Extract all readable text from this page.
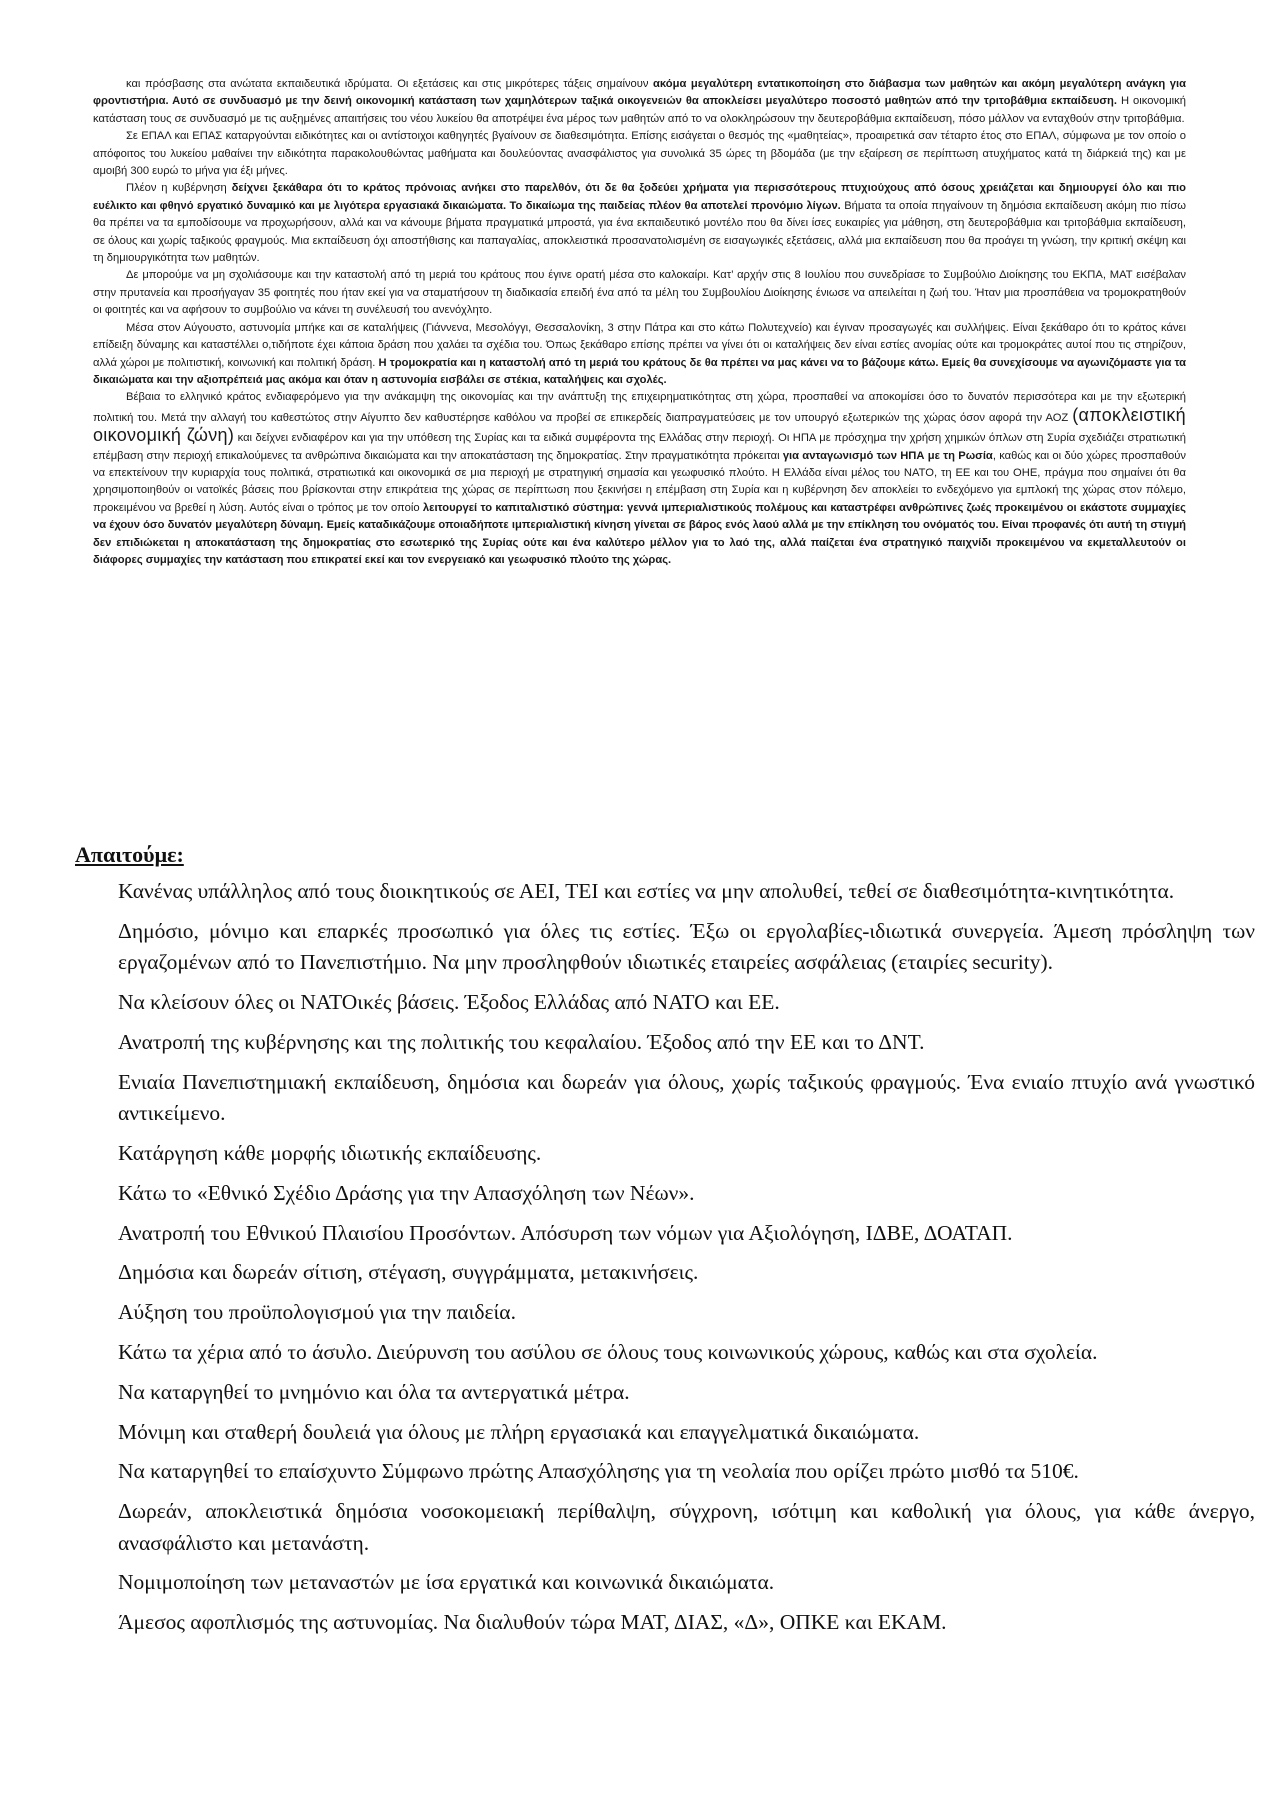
και πρόσβασης στα ανώτατα εκπαιδευτικά ιδρύματα. Οι εξετάσεις και στις μικρότερες τάξεις σημαίνουν ακόμα μεγαλύτερη εντατικοποίηση στο διάβασμα των μαθητών και ακόμη μεγαλύτερη ανάγκη για φροντιστήρια. Αυτό σε συνδυασμό με την δεινή οικονομική κατάσταση των χαμηλότερων ταξικά οικογενειών θα αποκλείσει μεγαλύτερο ποσοστό μαθητών από την τριτοβάθμια εκπαίδευση. Η οικονομική κατάσταση τους σε συνδυασμό με τις αυξημένες απαιτήσεις του νέου λυκείου θα αποτρέψει ένα μέρος των μαθητών από το να ολοκληρώσουν την δευτεροβάθμια εκπαίδευση, πόσο μάλλον να ενταχθούν στην τριτοβάθμια.

Σε ΕΠΑΛ και ΕΠΑΣ καταργούνται ειδικότητες και οι αντίστοιχοι καθηγητές βγαίνουν σε διαθεσιμότητα. Επίσης εισάγεται ο θεσμός της «μαθητείας», προαιρετικά σαν τέταρτο έτος στο ΕΠΑΛ, σύμφωνα με τον οποίο ο απόφοιτος του λυκείου μαθαίνει την ειδικότητα παρακολουθώντας μαθήματα και δουλεύοντας ανασφάλιστος για συνολικά 35 ώρες τη βδομάδα (με την εξαίρεση σε περίπτωση ατυχήματος κατά τη διάρκειά της) και με αμοιβή 300 ευρώ το μήνα για έξι μήνες.

Πλέον η κυβέρνηση δείχνει ξεκάθαρα ότι το κράτος πρόνοιας ανήκει στο παρελθόν, ότι δε θα ξοδεύει χρήματα για περισσότερους πτυχιούχους από όσους χρειάζεται και δημιουργεί όλο και πιο ευέλικτο και φθηνό εργατικό δυναμικό και με λιγότερα εργασιακά δικαιώματα. Το δικαίωμα της παιδείας πλέον θα αποτελεί προνόμιο λίγων. Βήματα τα οποία πηγαίνουν τη δημόσια εκπαίδευση ακόμη πιο πίσω θα πρέπει να τα εμποδίσουμε να προχωρήσουν, αλλά και να κάνουμε βήματα πραγματικά μπροστά, για ένα εκπαιδευτικό μοντέλο που θα δίνει ίσες ευκαιρίες για μάθηση, στη δευτεροβάθμια και τριτοβάθμια εκπαίδευση, σε όλους και χωρίς ταξικούς φραγμούς. Μια εκπαίδευση όχι αποστήθισης και παπαγαλίας, αποκλειστικά προσανατολισμένη σε εισαγωγικές εξετάσεις, αλλά μια εκπαίδευση που θα προάγει τη γνώση, την κριτική σκέψη και τη δημιουργικότητα των μαθητών.

Δε μπορούμε να μη σχολιάσουμε και την καταστολή από τη μεριά του κράτους που έγινε ορατή μέσα στο καλοκαίρι. Κατ’ αρχήν στις 8 Ιουλίου που συνεδρίασε το Συμβούλιο Διοίκησης του ΕΚΠΑ, ΜΑΤ εισέβαλαν στην πρυτανεία και προσήγαγαν 35 φοιτητές που ήταν εκεί για να σταματήσουν τη διαδικασία επειδή ένα από τα μέλη του Συμβουλίου Διοίκησης ένιωσε να απειλείται η ζωή του. Ήταν μια προσπάθεια να τρομοκρατηθούν οι φοιτητές και να αφήσουν το συμβούλιο να κάνει τη συνέλευσή του ανενόχλητο.

Μέσα στον Αύγουστο, αστυνομία μπήκε και σε καταλήψεις (Γιάννενα, Μεσολόγγι, Θεσσαλονίκη, 3 στην Πάτρα και στο κάτω Πολυτεχνείο) και έγιναν προσαγωγές και συλλήψεις. Είναι ξεκάθαρο ότι το κράτος κάνει επίδειξη δύναμης και καταστέλλει ο,τιδήποτε έχει κάποια δράση που χαλάει τα σχέδια του. Όπως ξεκάθαρο επίσης πρέπει να γίνει ότι οι καταλήψεις δεν είναι εστίες ανομίας ούτε και τρομοκράτες αυτοί που τις στηρίζουν, αλλά χώροι με πολιτιστική, κοινωνική και πολιτική δράση. Η τρομοκρατία και η καταστολή από τη μεριά του κράτους δε θα πρέπει να μας κάνει να το βάζουμε κάτω. Εμείς θα συνεχίσουμε να αγωνιζόμαστε για τα δικαιώματα και την αξιοπρέπειά μας ακόμα και όταν η αστυνομία εισβάλει σε στέκια, καταλήψεις και σχολές.

Βέβαια το ελληνικό κράτος ενδιαφερόμενο για την ανάκαμψη της οικονομίας και την ανάπτυξη της επιχειρηματικότητας στη χώρα, προσπαθεί να αποκομίσει όσο το δυνατόν περισσότερα και με την εξωτερική πολιτική του. Μετά την αλλαγή του καθεστώτος στην Αίγυπτο δεν καθυστέρησε καθόλου να προβεί σε επικερδείς διαπραγματεύσεις με τον υπουργό εξωτερικών της χώρας όσον αφορά την ΑΟΖ (αποκλειστική οικονομική ζώνη) και δείχνει ενδιαφέρον και για την υπόθεση της Συρίας και τα ειδικά συμφέροντα της Ελλάδας στην περιοχή. Οι ΗΠΑ με πρόσχημα την χρήση χημικών όπλων στη Συρία σχεδιάζει στρατιωτική επέμβαση στην περιοχή επικαλούμενες τα ανθρώπινα δικαιώματα και την αποκατάσταση της δημοκρατίας. Στην πραγματικότητα πρόκειται για ανταγωνισμό των ΗΠΑ με τη Ρωσία, καθώς και οι δύο χώρες προσπαθούν να επεκτείνουν την κυριαρχία τους πολιτικά, στρατιωτικά και οικονομικά σε μια περιοχή με στρατηγική σημασία και γεωφυσικό πλούτο. Η Ελλάδα είναι μέλος του ΝΑΤΟ, τη ΕΕ και του ΟΗΕ, πράγμα που σημαίνει ότι θα χρησιμοποιηθούν οι νατοϊκές βάσεις που βρίσκονται στην επικράτεια της χώρας σε περίπτωση που ξεκινήσει η επέμβαση στη Συρία και η κυβέρνηση δεν αποκλείει το ενδεχόμενο για εμπλοκή της χώρας στον πόλεμο, προκειμένου να βρεθεί η λύση. Αυτός είναι ο τρόπος με τον οποίο λειτουργεί το καπιταλιστικό σύστημα: γεννά ιμπεριαλιστικούς πολέμους και καταστρέφει ανθρώπινες ζωές προκειμένου οι εκάστοτε συμμαχίες να έχουν όσο δυνατόν μεγαλύτερη δύναμη. Εμείς καταδικάζουμε οποιαδήποτε ιμπεριαλιστική κίνηση γίνεται σε βάρος ενός λαού αλλά με την επίκληση του ονόματός του. Είναι προφανές ότι αυτή τη στιγμή δεν επιδιώκεται η αποκατάσταση της δημοκρατίας στο εσωτερικό της Συρίας ούτε και ένα καλύτερο μέλλον για το λαό της, αλλά παίζεται ένα στρατηγικό παιχνίδι προκειμένου να εκμεταλλευτούν οι διάφορες συμμαχίες την κατάσταση που επικρατεί εκεί και τον ενεργειακό και γεωφυσικό πλούτο της χώρας.

Απαιτούμε:
Κανένας υπάλληλος από τους διοικητικούς σε ΑΕΙ, ΤΕΙ και εστίες να μην απολυθεί, τεθεί σε διαθεσιμότητα-κινητικότητα.
Δημόσιο, μόνιμο και επαρκές προσωπικό για όλες τις εστίες. Έξω οι εργολαβίες-ιδιωτικά συνεργεία. Άμεση πρόσληψη των εργαζομένων από το Πανεπιστήμιο. Να μην προσληφθούν ιδιωτικές εταιρείες ασφάλειας (εταιρίες security).
Να κλείσουν όλες οι ΝΑΤΟικές βάσεις. Έξοδος Ελλάδας από ΝΑΤΟ και ΕΕ.
Ανατροπή της κυβέρνησης και της πολιτικής του κεφαλαίου. Έξοδος από την ΕΕ και το ΔΝΤ.
Ενιαία Πανεπιστημιακή εκπαίδευση, δημόσια και δωρεάν για όλους, χωρίς ταξικούς φραγμούς. Ένα ενιαίο πτυχίο ανά γνωστικό αντικείμενο.
Κατάργηση κάθε μορφής ιδιωτικής εκπαίδευσης.
Κάτω το «Εθνικό Σχέδιο Δράσης για την Απασχόληση των Νέων».
Ανατροπή του Εθνικού Πλαισίου Προσόντων. Απόσυρση των νόμων για Αξιολόγηση, ΙΔΒΕ, ΔΟΑΤΑΠ.
Δημόσια και δωρεάν σίτιση, στέγαση, συγγράμματα, μετακινήσεις.
Αύξηση του προϋπολογισμού για την παιδεία.
Κάτω τα χέρια από το άσυλο. Διεύρυνση του ασύλου σε όλους τους κοινωνικούς χώρους, καθώς και στα σχολεία.
Να καταργηθεί το μνημόνιο και όλα τα αντεργατικά μέτρα.
Μόνιμη και σταθερή δουλειά για όλους με πλήρη εργασιακά και επαγγελματικά δικαιώματα.
Να καταργηθεί το επαίσχυντο Σύμφωνο πρώτης Απασχόλησης για τη νεολαία που ορίζει πρώτο μισθό τα 510€.
Δωρεάν, αποκλειστικά δημόσια νοσοκομειακή περίθαλψη, σύγχρονη, ισότιμη και καθολική για όλους, για κάθε άνεργο, ανασφάλιστο και μετανάστη.
Νομιμοποίηση των μεταναστών με ίσα εργατικά και κοινωνικά δικαιώματα.
Άμεσος αφοπλισμός της αστυνομίας. Να διαλυθούν τώρα ΜΑΤ, ΔΙΑΣ, «Δ», ΟΠΚΕ και ΕΚΑΜ.
